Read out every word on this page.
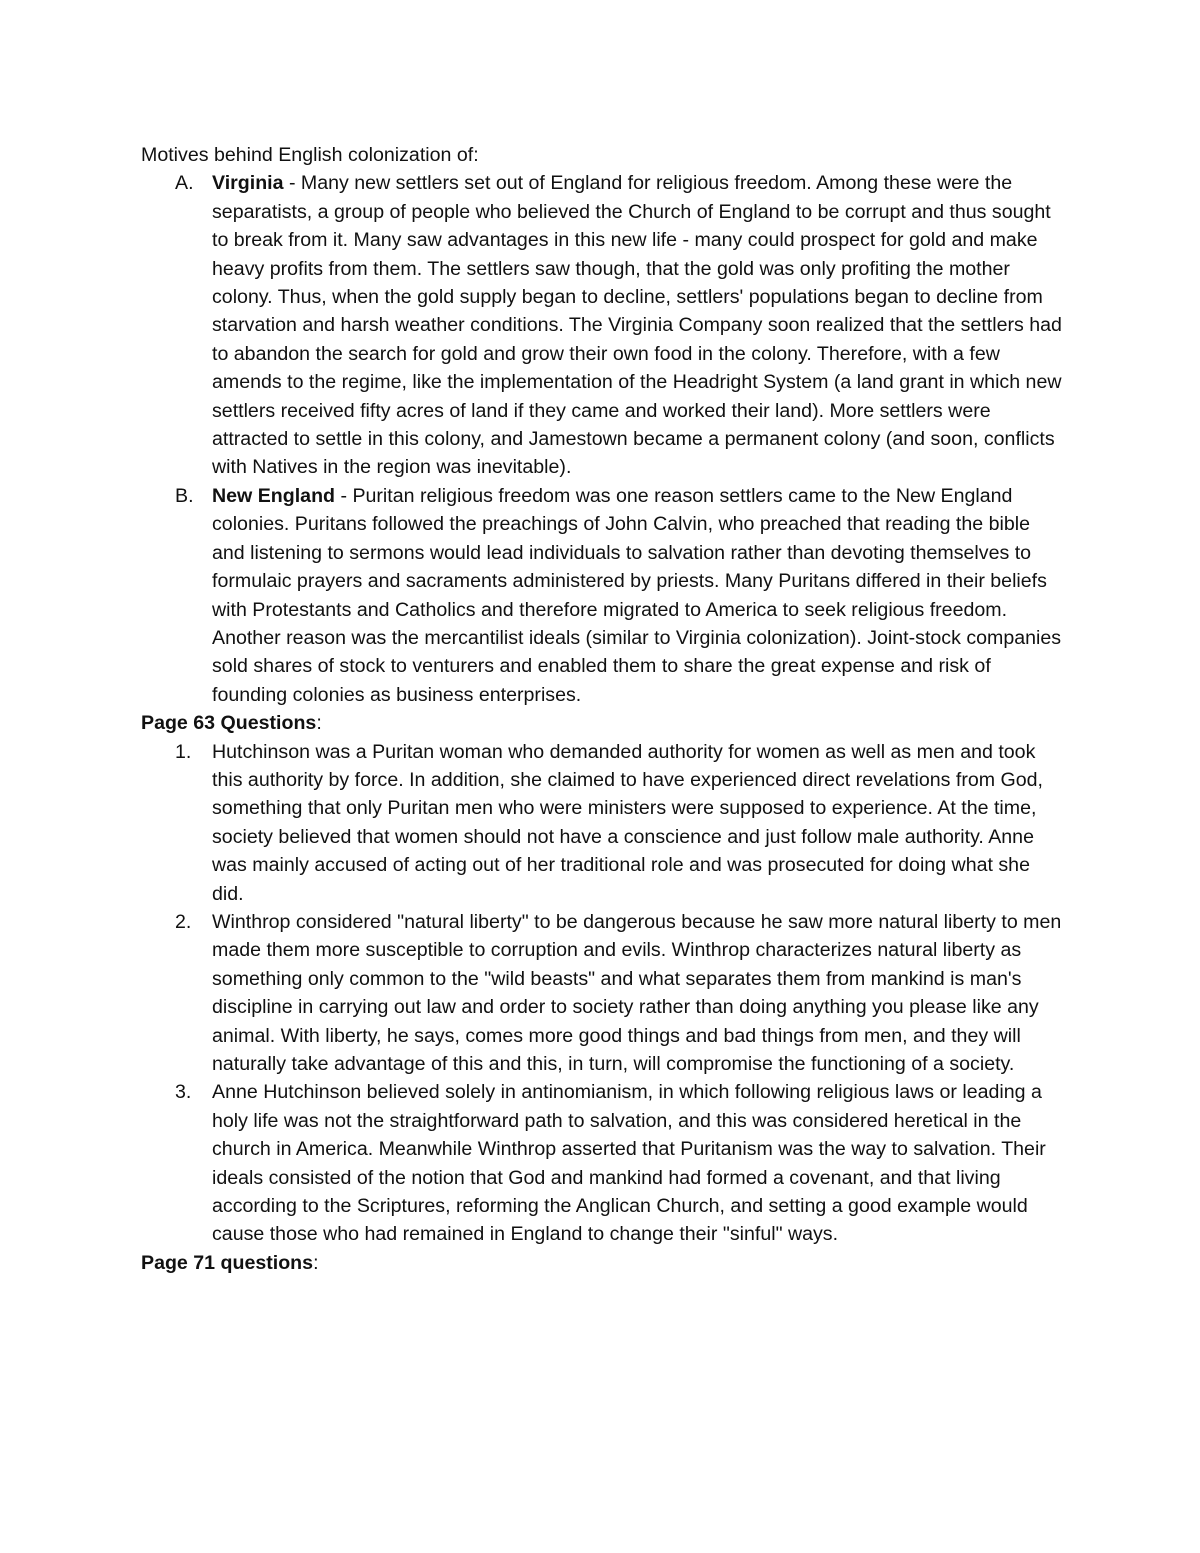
Motives behind English colonization of:

A. Virginia - Many new settlers set out of England for religious freedom. Among these were the separatists, a group of people who believed the Church of England to be corrupt and thus sought to break from it. Many saw advantages in this new life - many could prospect for gold and make heavy profits from them. The settlers saw though, that the gold was only profiting the mother colony. Thus, when the gold supply began to decline, settlers' populations began to decline from starvation and harsh weather conditions. The Virginia Company soon realized that the settlers had to abandon the search for gold and grow their own food in the colony. Therefore, with a few amends to the regime, like the implementation of the Headright System (a land grant in which new settlers received fifty acres of land if they came and worked their land). More settlers were attracted to settle in this colony, and Jamestown became a permanent colony (and soon, conflicts with Natives in the region was inevitable).

B. New England - Puritan religious freedom was one reason settlers came to the New England colonies. Puritans followed the preachings of John Calvin, who preached that reading the bible and listening to sermons would lead individuals to salvation rather than devoting themselves to formulaic prayers and sacraments administered by priests. Many Puritans differed in their beliefs with Protestants and Catholics and therefore migrated to America to seek religious freedom. Another reason was the mercantilist ideals (similar to Virginia colonization). Joint-stock companies sold shares of stock to venturers and enabled them to share the great expense and risk of founding colonies as business enterprises.

Page 63 Questions:

1. Hutchinson was a Puritan woman who demanded authority for women as well as men and took this authority by force. In addition, she claimed to have experienced direct revelations from God, something that only Puritan men who were ministers were supposed to experience. At the time, society believed that women should not have a conscience and just follow male authority. Anne was mainly accused of acting out of her traditional role and was prosecuted for doing what she did.

2. Winthrop considered "natural liberty" to be dangerous because he saw more natural liberty to men made them more susceptible to corruption and evils. Winthrop characterizes natural liberty as something only common to the "wild beasts" and what separates them from mankind is man's discipline in carrying out law and order to society rather than doing anything you please like any animal. With liberty, he says, comes more good things and bad things from men, and they will naturally take advantage of this and this, in turn, will compromise the functioning of a society.

3. Anne Hutchinson believed solely in antinomianism, in which following religious laws or leading a holy life was not the straightforward path to salvation, and this was considered heretical in the church in America. Meanwhile Winthrop asserted that Puritanism was the way to salvation. Their ideals consisted of the notion that God and mankind had formed a covenant, and that living according to the Scriptures, reforming the Anglican Church, and setting a good example would cause those who had remained in England to change their "sinful" ways.

Page 71 questions:
